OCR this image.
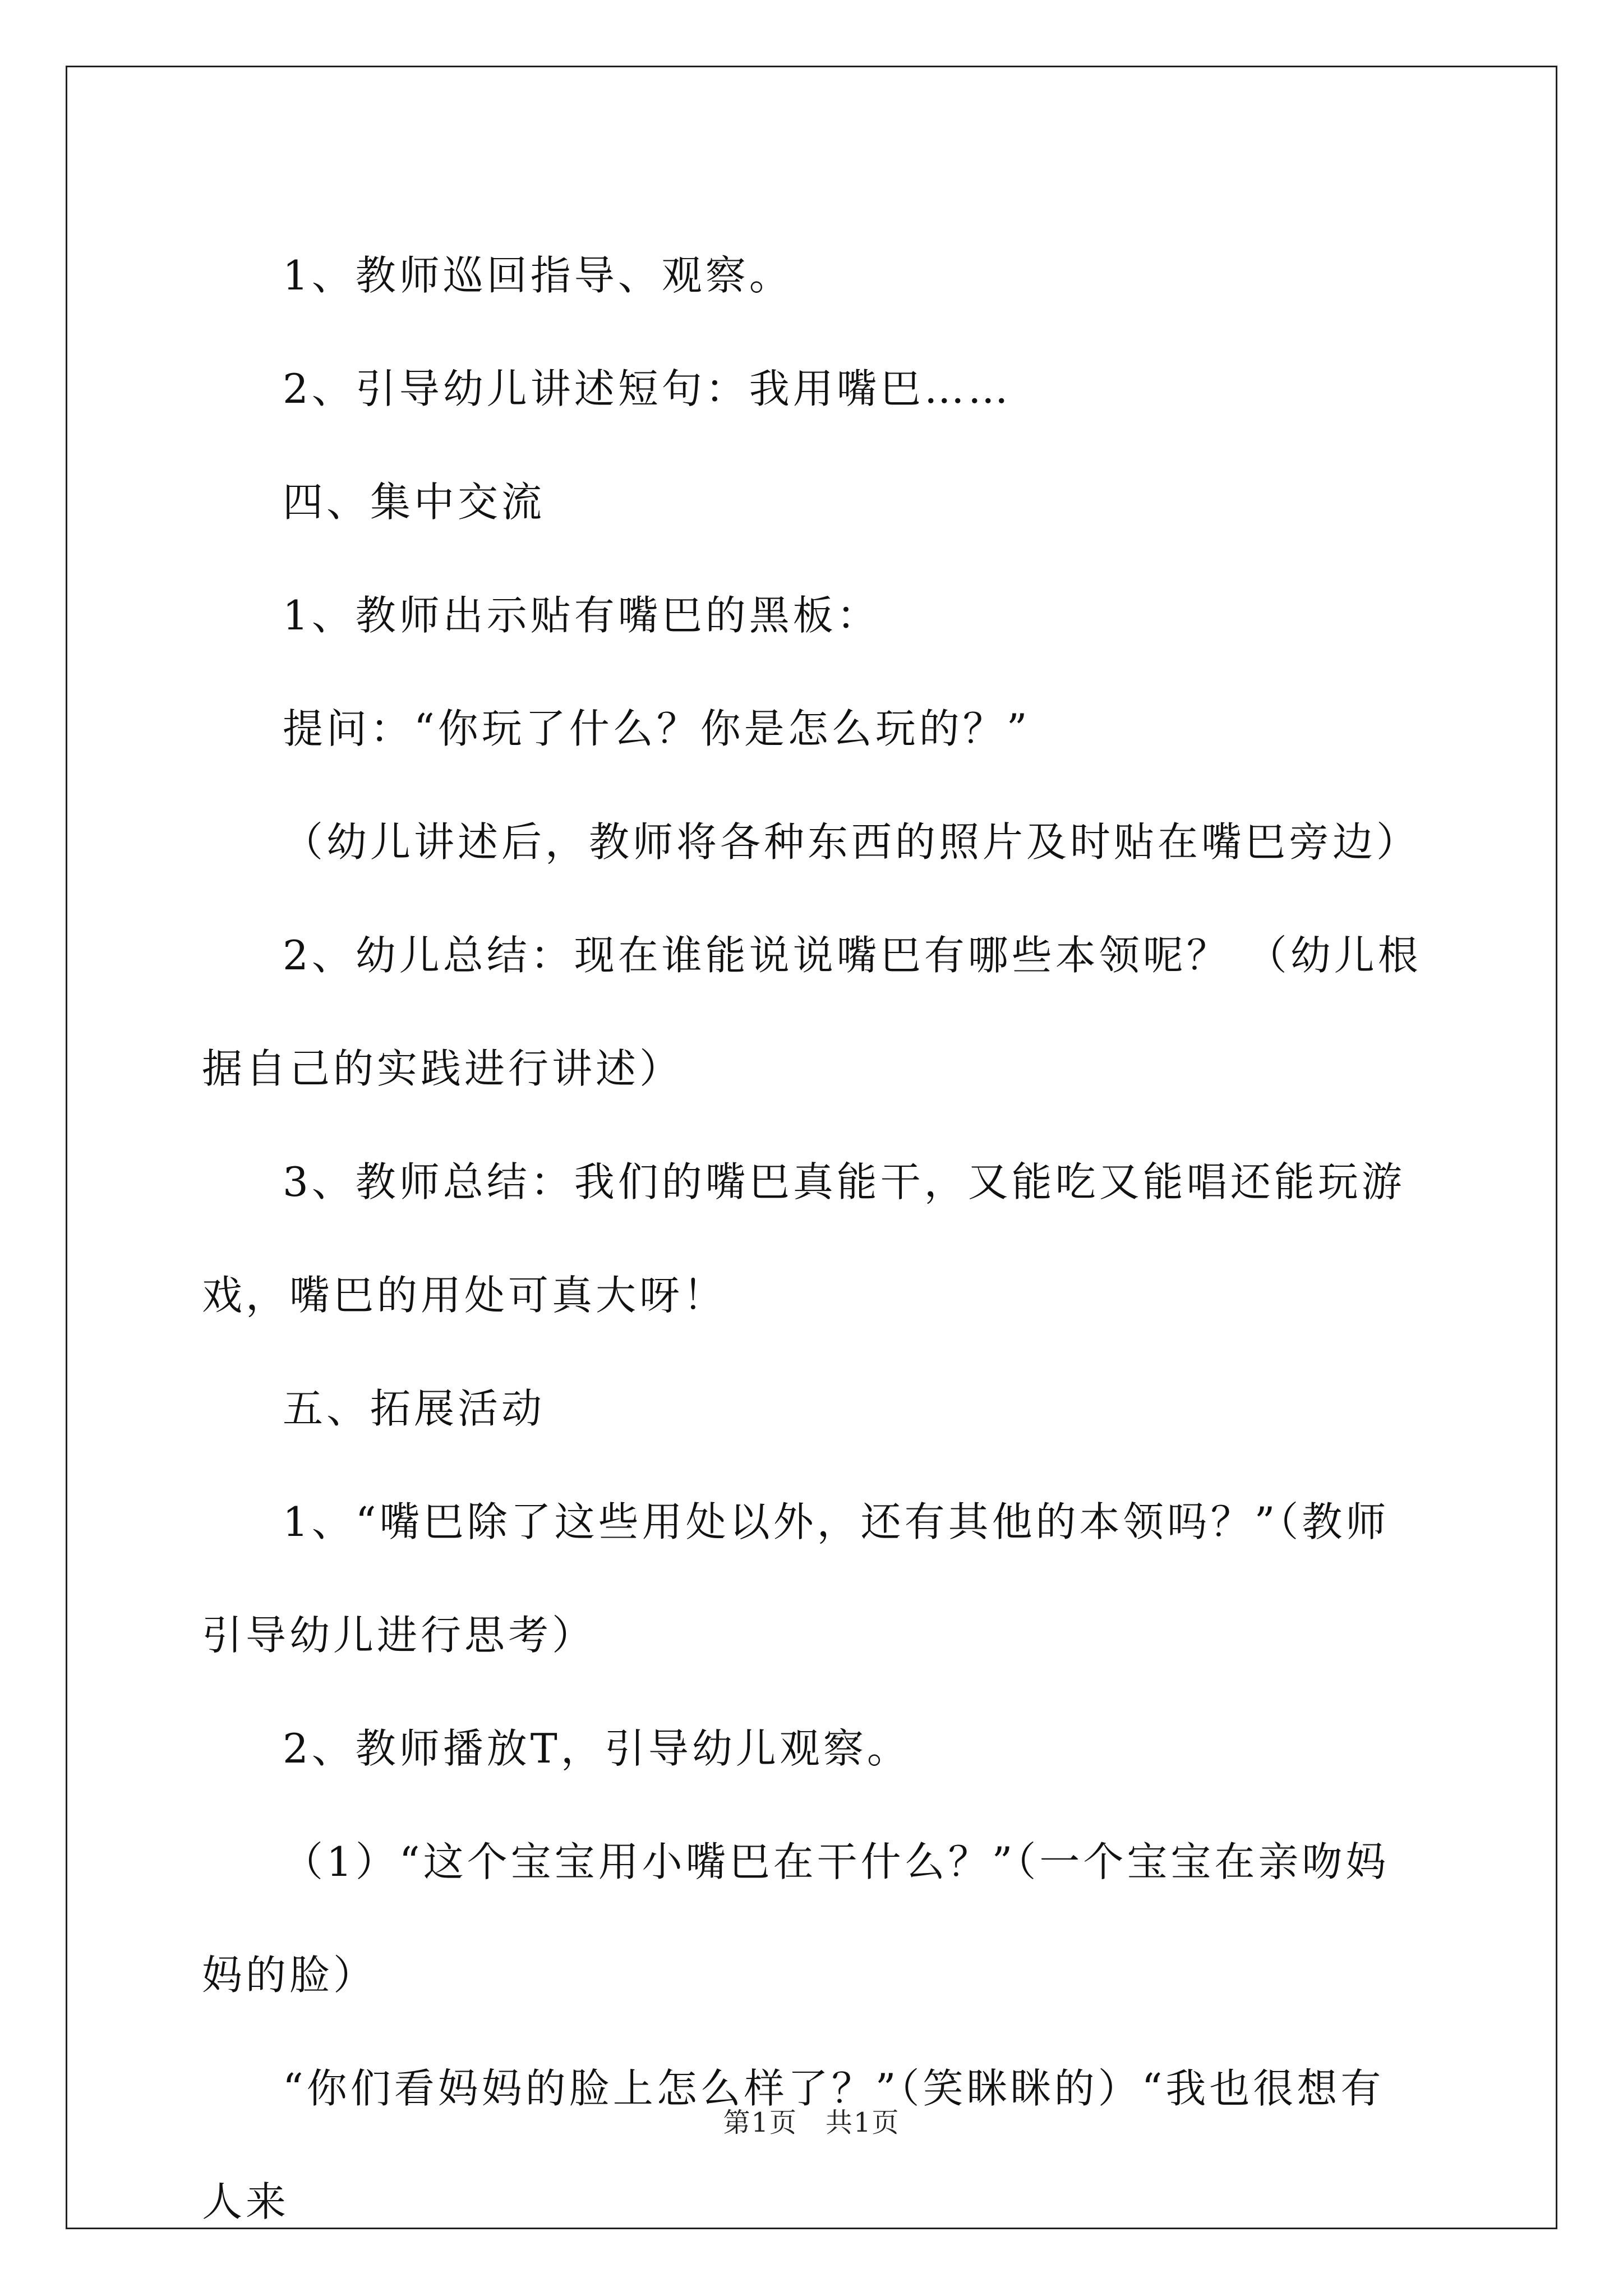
1、教师巡回指导、观察。

2、引导幼儿讲述短句：我用嘴巴……

四、集中交流

1、教师出示贴有嘴巴的黑板：

提问：“你玩了什么？你是怎么玩的？”

（幼儿讲述后，教师将各种东西的照片及时贴在嘴巴旁边）

2、幼儿总结：现在谁能说说嘴巴有哪些本领呢？ （幼儿根据自己的实践进行讲述）

3、教师总结：我们的嘴巴真能干，又能吃又能唱还能玩游戏，嘴巴的用处可真大呀！

五、拓展活动

1、“嘴巴除了这些用处以外，还有其他的本领吗？”（教师引导幼儿进行思考）

2、教师播放T，引导幼儿观察。

（1）“这个宝宝用小嘴巴在干什么？”（一个宝宝在亲吻妈妈的脸）

“你们看妈妈的脸上怎么样了？”（笑眯眯的）“我也很想有人来

第1页　共1页
